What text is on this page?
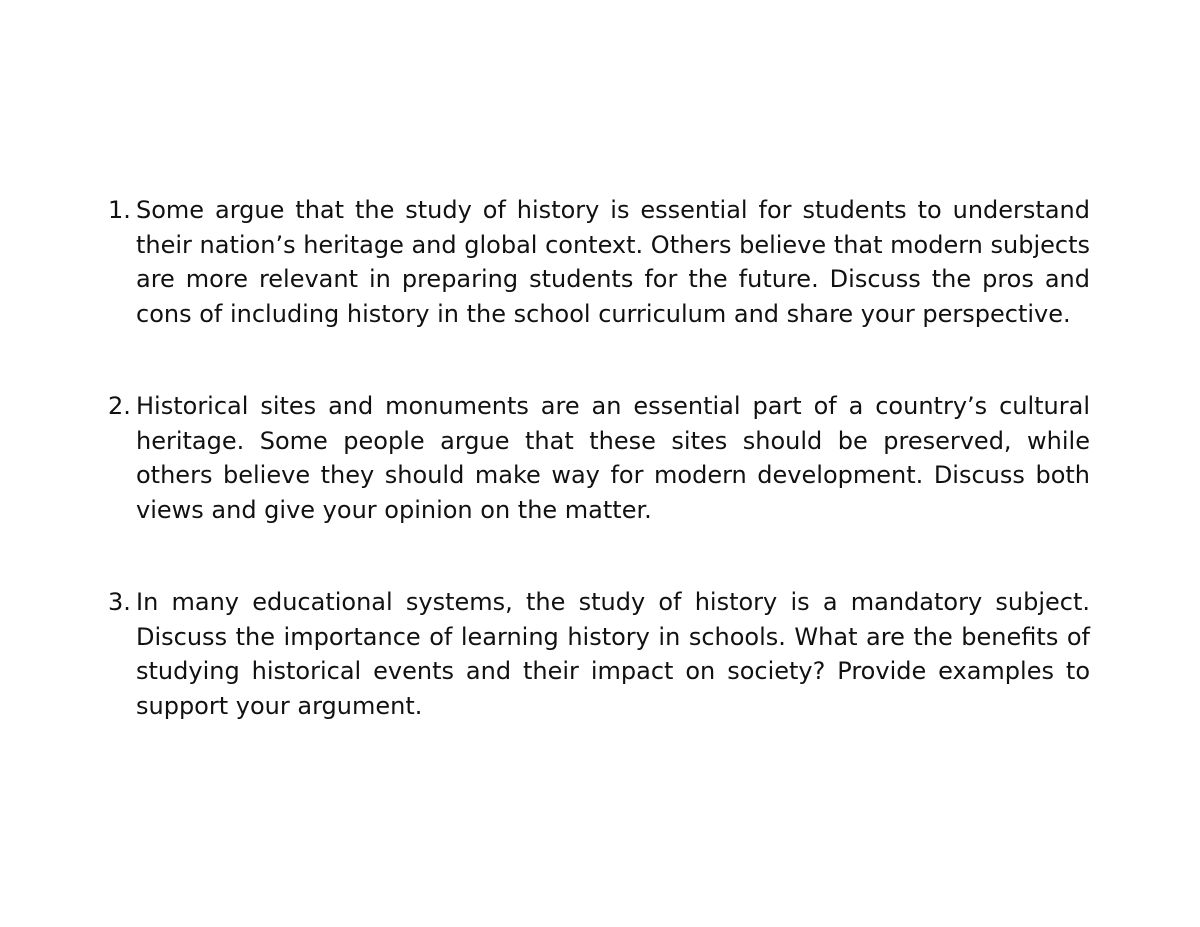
1. Some argue that the study of history is essential for students to understand their nation’s heritage and global context. Others believe that modern subjects are more relevant in preparing students for the future. Discuss the pros and cons of including history in the school curriculum and share your perspective.
2. Historical sites and monuments are an essential part of a country’s cultural heritage. Some people argue that these sites should be preserved, while others believe they should make way for modern development. Discuss both views and give your opinion on the matter.
3. In many educational systems, the study of history is a mandatory subject. Discuss the importance of learning history in schools. What are the benefits of studying historical events and their impact on society? Provide examples to support your argument.
